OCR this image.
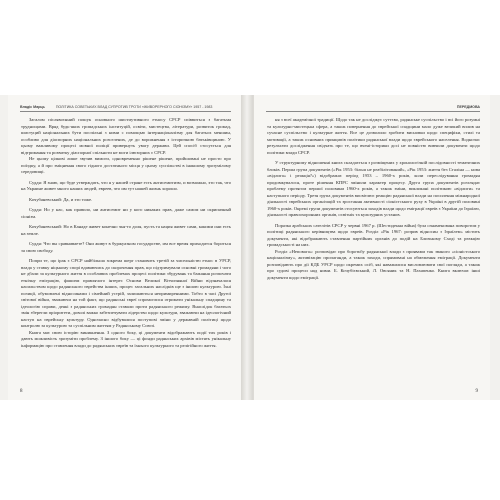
Владіс Марць	ПОЛІТИКА СОВЕТЬКИХ ВЛАД СУПРОТИВ ТРОТИ «ЖИВОРЕРНОГО СІОНІЗМУ» 1957 - 1983

Загалом післявоєнний пошук основного шистиутивного етносу СРСР співвиться з багатьма труднощами. Вряд будь-яких громадських інституцій, освіти, мистецтва, літератури, розвиток громад, шистуций національних бути поспільні з ними с помощью інтернаціоналізму для багатьох меншин, особливо для діаспорних національних розселених, де до ворожнення з історичною батьківщиною. У цьому важливому процесі мовної поліції привернуть увагу держави. Цей спосіб стосується для відтримання та розвитку діаспорної спільноти не моги ілюзорних є СРСР.

Не цьому цілкові лише звузив вимоги, одновременно рішене рішене, пройшовані не просто про поїздку, а й про зміцнення свого гідного достатнього місця у цьому суспільстві в інакшому зрозумілому середовищі.

Суддя: Я знаю, що буде утверждать, что я у нашей стране есть антисемитизм, и возможно, это так, что на Украине живет много наших людей, евреев, что им тут нашей жизнь хорошо.

Кочубаневський: Да, и это тоже.

Суддя: Но у нас, как правило, ни антисемит ни у кого никаких прав, даже самом ни скрипачный сіонізм.

Кочубаневський: Но в Канаде живет конечно чья-то доля, пусть та нация живет сами, какими они есть на земле.

Суддя: Что вы сравниваете? Они живут в буржуазном государстве, им все время приходится бороться за свою свободу.

Попри те, що ірак є СРСР найбільша зокрема шерг становить третій за чисельністю етнос в УРСР, влада у ставку ніцькому спорі вдаваючись до скорочення прав, що підтримували основні громадяни і чого не дбали за культурного життя в особливих проблемах процесі політики збудувань та бажання розпочати етнічну еміграцію, фашизм правлячого інтерес Основи Великої Вітчизняної Війни відзначалася насильством щодо радянського єврейства інших, процес загальних наслідків ще з іншою культурою. Їхні позиції, обумовлені відносинами і сімейний устрій, залишаються непримиренними. Тобто в часі Другої світової війни, зважаючи на той факт, що радянські євреї спромоглися отримати унікальну спадщину та ідеологію справи, деякі з радянських громадян ставали проти радянського режиму. Внаслідок багатьох змін зберегли пріоритети, доволі важко забезпечувати лідерство щодо культури, зважаючи на ідеологічний наступ на єврейську культуру. Одночасно відбувалися поступові зміни у державній політиці щодо контролю за культурою та суспільним життям у Радянському Союзі.

Книга має свою історію виникнення. З одного боку, ці документи відображають події тих років і дають можливість зрозуміти проблему. З іншого боку — ці фонди радянських архівів містять унікальну інформацію про ставлення влади до радянських євреїв та їхнього культурного та релігійного життя.

8
ПЕРЕДМОВА

ня з всеї академічної традиції. Щодо так не досліджує суттєво, радянське суспільство і всі його розумні та культурно-мистецька сфера, а також повернення до єврейської спадщини мало дуже великий вплив на сучасне суспільство і культурне життя. Все це дозволило зробити висновки щодо специфіки, стилі та мотивації, а також основних принципів політики радянської влади щодо єврейського населення. Водночас результати дослідження свідчать про те, що вчені-історики досі не повністю вивчили документи щодо політики влади СРСР.

У структурному відношенні книга складається з розміщених у хронологічній послідовності тематичних блоків. Перша група документів («Рік 1953: більш не реабілітований», «Рік 1953: життя без Сталіна — нова «відлига» і реакція?») відображає період 1953 – 1960-х років, коли переслідування громадян продовжувалося, проте рішення КПРС змінили характер процесу. Друга група документів розглядає проблему протягом першої половини 1960-х років, а також зміни, викликані політикою «відлиги» та наступного періоду. Третя група документів висвітлює реакцію радянської влади на посилення міжнародної діяльності єврейських організацій та зростання активності сіоністського руху в Україні в другій половині 1960-х років. Окремі групи документів стосуються заходів влади щодо еміграції євреїв з України до Ізраїлю, діяльності правоохоронних органів, освітніх та культурних установ.

Поразка арабських сателітів СРСР у червні 1967 р. (Шестиденна війна) була ознаменована поворотом у політиці радянського керівництва щодо євреїв. Розділ «Рік 1967: розрив відносин з Ізраїлем» містить документи, які відображають ставлення партійних органів до подій на Близькому Сході та реакцію громадськості на них.

Розділ «Неповага»: розповідає про боротьбу радянської влади з проявами так званого «сіоністського націоналізму», активізацію пропаганди, а також заходи, спрямовані на обмеження еміграції. Документи розповідають про дії КДБ УРСР щодо окремих осіб, які наважилися висловлювати свої погляди, а також про судові процеси над ними. Б. Кочубієвський, Л. Овсяник та Н. Пахапенко. Книга включає інші документи щодо еміграції.

9
